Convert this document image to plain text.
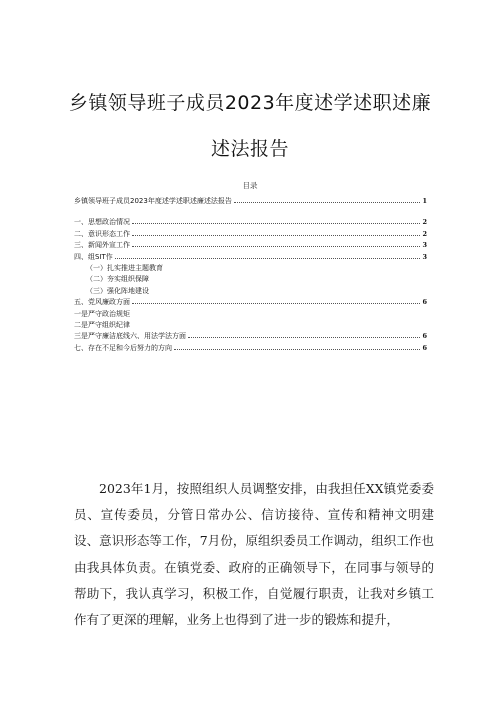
乡镇领导班子成员2023年度述学述职述廉
述法报告
目录
乡镇领导班子成员2023年度述学述职述廉述法报告	1
一、思想政治情况	2
二、意识形态工作	2
三、新闻外宣工作	3
四、组SIT作	3
（一）扎实推进主题教育
（二）夯实组织保障
（三）强化阵地建设
五、党风廉政方面	6
一是严守政治规矩
二是严守组织纪律
三是严守廉洁底线六、用法学法方面	6
七、存在不足和今后努力的方向	6

2023年1月，按照组织人员调整安排，由我担任XX镇党委委员、宣传委员，分管日常办公、信访接待、宣传和精神文明建设、意识形态等工作，7月份，原组织委员工作调动，组织工作也由我具体负责。在镇党委、政府的正确领导下，在同事与领导的帮助下，我认真学习，积极工作，自觉履行职责，让我对乡镇工作有了更深的理解，业务上也得到了进一步的锻炼和提升，
